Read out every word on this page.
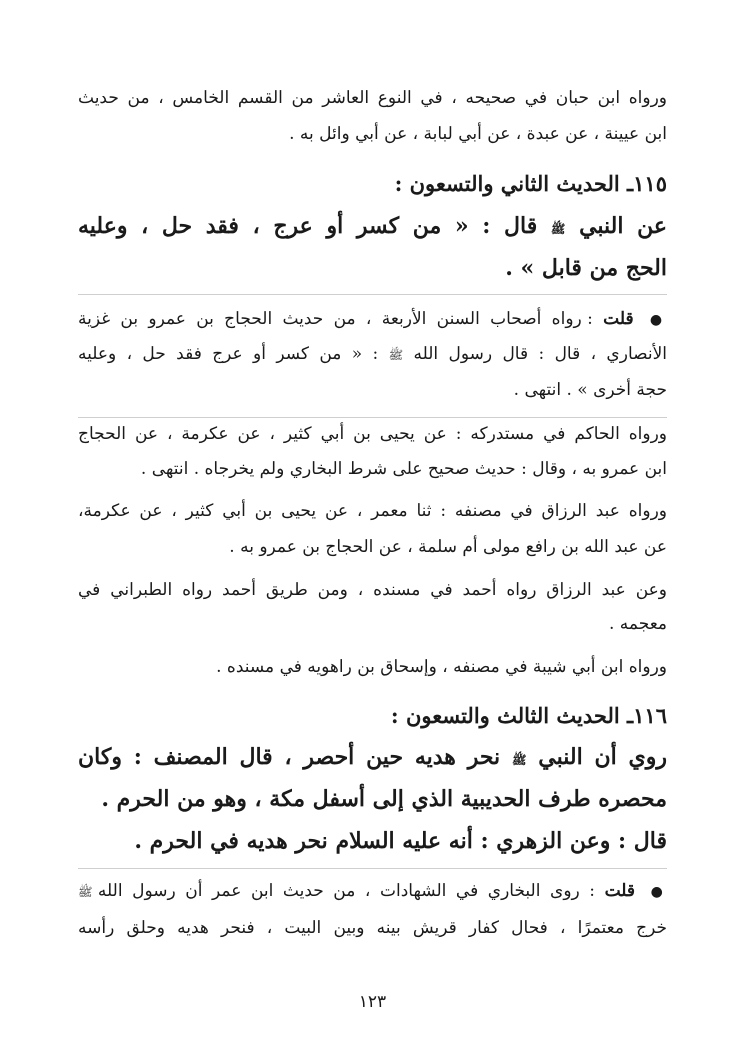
ورواه ابن حبان في صحيحه ، في النوع العاشر من القسم الخامس ، من حديث
ابن عيينة ، عن عبدة ، عن أبي لبابة ، عن أبي وائل به .
١١٥ـ الحديث الثاني والتسعون :
عن النبي ﷺ قال : « من كسر أو عرج ، فقد حل ، وعليه
الحج من قابل » .
● قلت : رواه أصحاب السنن الأربعة ، من حديث الحجاج بن عمرو بن غزية
الأنصاري ، قال : قال رسول الله ﷺ : « من كسر أو عرج فقد حل ، وعليه
حجة أخرى » . انتهى .
ورواه الحاكم في مستدركه : عن يحيى بن أبي كثير ، عن عكرمة ، عن الحجاج
ابن عمرو به ، وقال : حديث صحيح على شرط البخاري ولم يخرجاه . انتهى .
ورواه عبد الرزاق في مصنفه : ثنا معمر ، عن يحيى بن أبي كثير ، عن عكرمة،
عن عبد الله بن رافع مولى أم سلمة ، عن الحجاج بن عمرو به .
وعن عبد الرزاق رواه أحمد في مسنده ، ومن طريق أحمد رواه الطبراني في
معجمه .
ورواه ابن أبي شيبة في مصنفه ، وإسحاق بن راهويه في مسنده .
١١٦ـ الحديث الثالث والتسعون :
روي أن النبي ﷺ نحر هديه حين أحصر ، قال المصنف : وكان
محصره طرف الحديبية الذي إلى أسفل مكة ، وهو من الحرم .
قال : وعن الزهري : أنه عليه السلام نحر هديه في الحرم .
● قلت : روى البخاري في الشهادات ، من حديث ابن عمر أن رسول الله ﷺ
خرج معتمرًا ، فحال كفار قريش بينه وبين البيت ، فنحر هديه وحلق رأسه
١٢٣
